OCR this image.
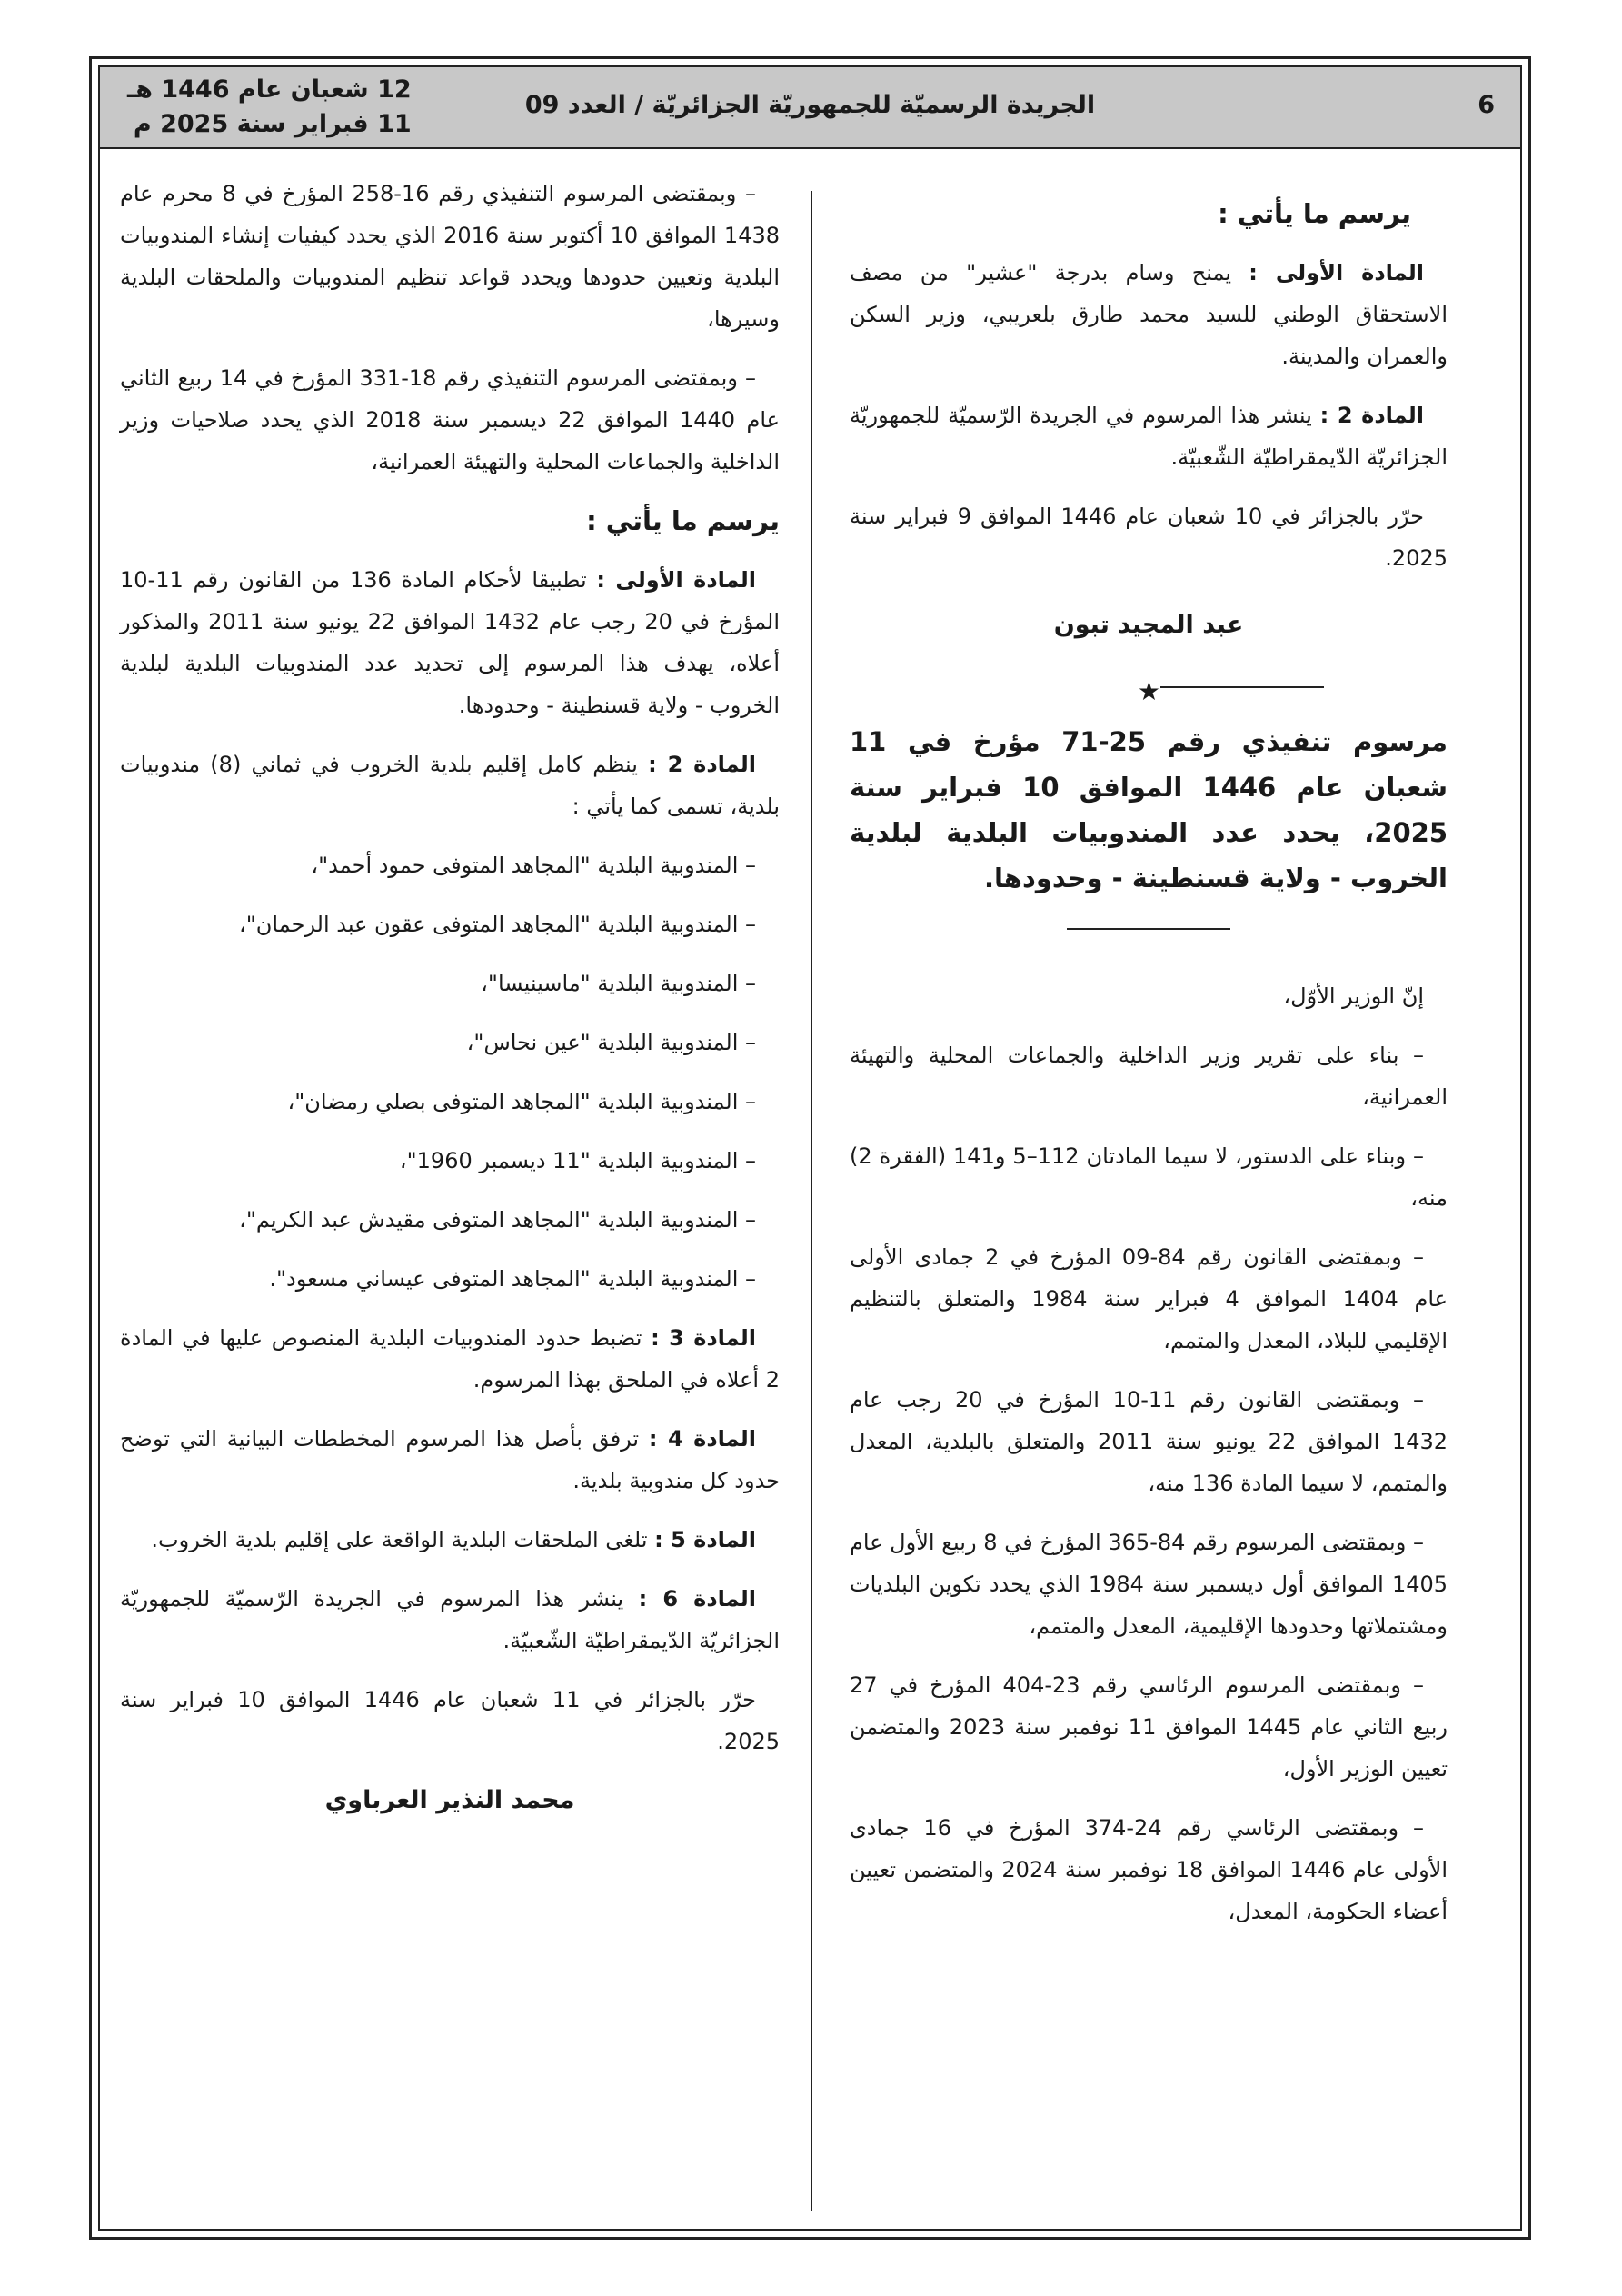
6
الجريدة الرسميّة للجمهوريّة الجزائريّة / العدد 09
12 شعبان عام 1446 هـ
11 فبراير سنة 2025 م

يرسم ما يأتي :

المادة الأولى : يمنح وسام بدرجة "عشير" من مصف الاستحقاق الوطني للسيد محمد طارق بلعريبي، وزير السكن والعمران والمدينة.

المادة 2 : ينشر هذا المرسوم في الجريدة الرّسميّة للجمهوريّة الجزائريّة الدّيمقراطيّة الشّعبيّة.

حرّر بالجزائر في 10 شعبان عام 1446 الموافق 9 فبراير سنة 2025.

عبد المجيد تبون

★

مرسوم تنفيذي رقم 25-71 مؤرخ في 11 شعبان عام 1446 الموافق 10 فبراير سنة 2025، يحدد عدد المندوبيات البلدية لبلدية الخروب - ولاية قسنطينة - وحدودها.

إنّ الوزير الأوّل،

– بناء على تقرير وزير الداخلية والجماعات المحلية والتهيئة العمرانية،

– وبناء على الدستور، لا سيما المادتان 112–5 و141 (الفقرة 2) منه،

– وبمقتضى القانون رقم 84-09 المؤرخ في 2 جمادى الأولى عام 1404 الموافق 4 فبراير سنة 1984 والمتعلق بالتنظيم الإقليمي للبلاد، المعدل والمتمم،

– وبمقتضى القانون رقم 11-10 المؤرخ في 20 رجب عام 1432 الموافق 22 يونيو سنة 2011 والمتعلق بالبلدية، المعدل والمتمم، لا سيما المادة 136 منه،

– وبمقتضى المرسوم رقم 84-365 المؤرخ في 8 ربيع الأول عام 1405 الموافق أول ديسمبر سنة 1984 الذي يحدد تكوين البلديات ومشتملاتها وحدودها الإقليمية، المعدل والمتمم،

– وبمقتضى المرسوم الرئاسي رقم 23-404 المؤرخ في 27 ربيع الثاني عام 1445 الموافق 11 نوفمبر سنة 2023 والمتضمن تعيين الوزير الأول،

– وبمقتضى الرئاسي رقم 24-374 المؤرخ في 16 جمادى الأولى عام 1446 الموافق 18 نوفمبر سنة 2024 والمتضمن تعيين أعضاء الحكومة، المعدل،

– وبمقتضى المرسوم التنفيذي رقم 16-258 المؤرخ في 8 محرم عام 1438 الموافق 10 أكتوبر سنة 2016 الذي يحدد كيفيات إنشاء المندوبيات البلدية وتعيين حدودها ويحدد قواعد تنظيم المندوبيات والملحقات البلدية وسيرها،

– وبمقتضى المرسوم التنفيذي رقم 18-331 المؤرخ في 14 ربيع الثاني عام 1440 الموافق 22 ديسمبر سنة 2018 الذي يحدد صلاحيات وزير الداخلية والجماعات المحلية والتهيئة العمرانية،

يرسم ما يأتي :

المادة الأولى : تطبيقا لأحكام المادة 136 من القانون رقم 11-10 المؤرخ في 20 رجب عام 1432 الموافق 22 يونيو سنة 2011 والمذكور أعلاه، يهدف هذا المرسوم إلى تحديد عدد المندوبيات البلدية لبلدية الخروب - ولاية قسنطينة - وحدودها.

المادة 2 : ينظم كامل إقليم بلدية الخروب في ثماني (8) مندوبيات بلدية، تسمى كما يأتي :

– المندوبية البلدية "المجاهد المتوفى حمود أحمد"،

– المندوبية البلدية "المجاهد المتوفى عقون عبد الرحمان"،

– المندوبية البلدية "ماسينيسا"،

– المندوبية البلدية "عين نحاس"،

– المندوبية البلدية "المجاهد المتوفى بصلي رمضان"،

– المندوبية البلدية "11 ديسمبر 1960"،

– المندوبية البلدية "المجاهد المتوفى مقيدش عبد الكريم"،

– المندوبية البلدية "المجاهد المتوفى عيساني مسعود".

المادة 3 : تضبط حدود المندوبيات البلدية المنصوص عليها في المادة 2 أعلاه في الملحق بهذا المرسوم.

المادة 4 : ترفق بأصل هذا المرسوم المخططات البيانية التي توضح حدود كل مندوبية بلدية.

المادة 5 : تلغى الملحقات البلدية الواقعة على إقليم بلدية الخروب.

المادة 6 : ينشر هذا المرسوم في الجريدة الرّسميّة للجمهوريّة الجزائريّة الدّيمقراطيّة الشّعبيّة.

حرّر بالجزائر في 11 شعبان عام 1446 الموافق 10 فبراير سنة 2025.

محمد النذير العرباوي
